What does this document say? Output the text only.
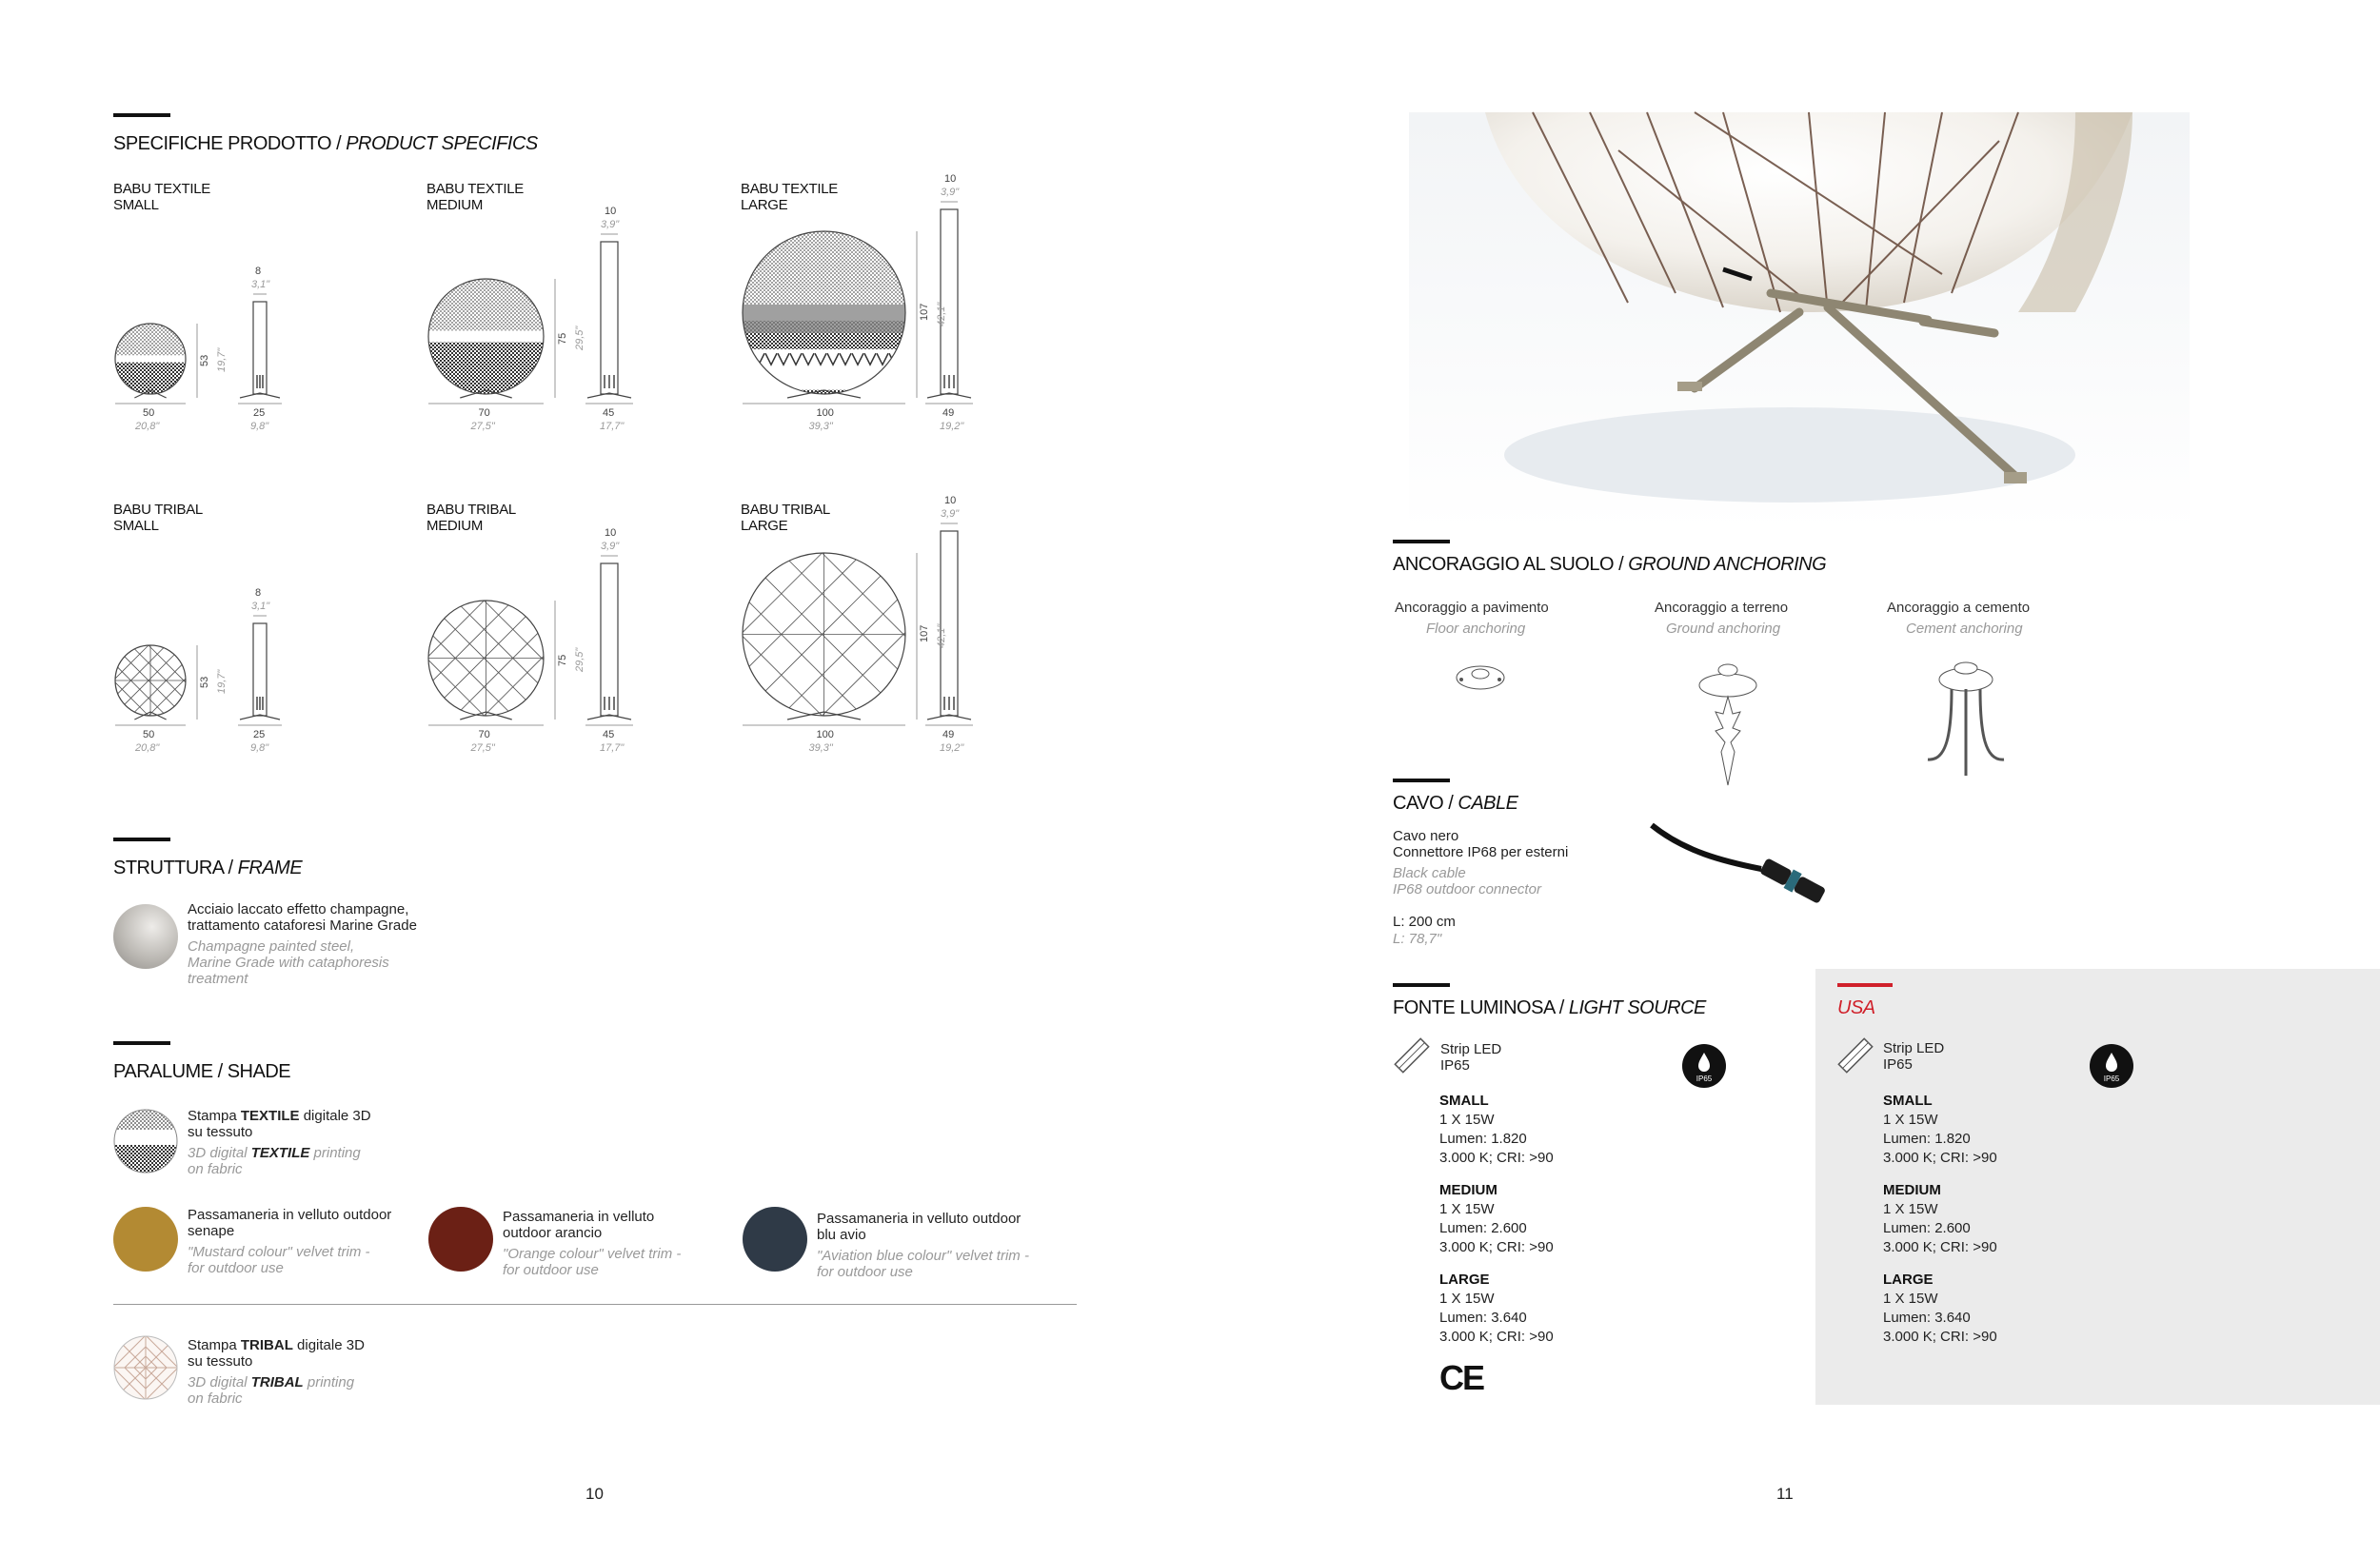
SPECIFICHE PRODOTTO / PRODUCT SPECIFICS
BABU TEXTILE
SMALL
50
20,8"
53 19,7"
25
9,8"
8
3,1"
BABU TEXTILE
MEDIUM
70
27,5"
75 29,5"
45
17,7"
10
3,9"
BABU TEXTILE
LARGE
100
39,3"
107 42,1"
49
19,2"
10
3,9"
BABU TRIBAL
SMALL
50
20,8"
53 19,7"
25
9,8"
8
3,1"
BABU TRIBAL
MEDIUM
70
27,5"
75 29,5"
45
17,7"
10
3,9"
BABU TRIBAL
LARGE
100
39,3"
107 42,1"
49
19,2"
10
3,9"
STRUTTURA / FRAME
Acciaio laccato effetto champagne,
trattamento cataforesi Marine Grade
Champagne painted steel,
Marine Grade with cataphoresis
treatment
PARALUME / SHADE
Stampa TEXTILE digitale 3D
su tessuto
3D digital TEXTILE printing
on fabric
Passamaneria in velluto outdoor
senape
"Mustard colour" velvet trim -
for outdoor use
Passamaneria in velluto
outdoor arancio
"Orange colour" velvet trim -
for outdoor use
Passamaneria in velluto outdoor
blu avio
"Aviation blue colour" velvet trim -
for outdoor use
Stampa TRIBAL digitale 3D
su tessuto
3D digital TRIBAL printing
on fabric
10
ANCORAGGIO AL SUOLO / GROUND ANCHORING
Ancoraggio a pavimento
Floor anchoring
Ancoraggio a terreno
Ground anchoring
Ancoraggio a cemento
Cement anchoring
CAVO / CABLE
Cavo nero
Connettore IP68 per esterni
Black cable
IP68 outdoor connector
L: 200 cm
L: 78,7"
FONTE LUMINOSA / LIGHT SOURCE
Strip LED
IP65
IP65
SMALL
1 X 15W
Lumen: 1.820
3.000 K; CRI: >90
MEDIUM
1 X 15W
Lumen: 2.600
3.000 K; CRI: >90
LARGE
1 X 15W
Lumen: 3.640
3.000 K; CRI: >90
CE
USA
Strip LED
IP65
IP65
SMALL
1 X 15W
Lumen: 1.820
3.000 K; CRI: >90
MEDIUM
1 X 15W
Lumen: 2.600
3.000 K; CRI: >90
LARGE
1 X 15W
Lumen: 3.640
3.000 K; CRI: >90
11
